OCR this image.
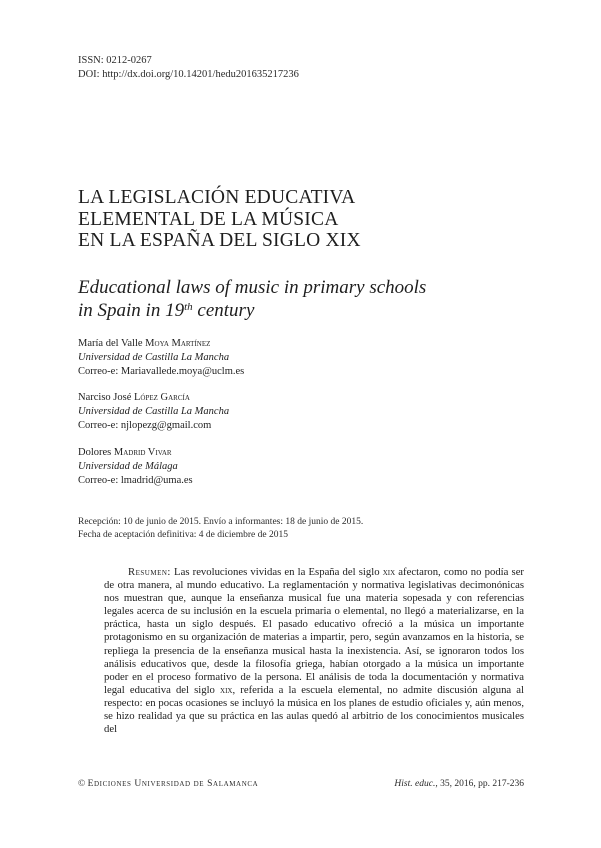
ISSN: 0212-0267
DOI: http://dx.doi.org/10.14201/hedu201635217236
LA LEGISLACIÓN EDUCATIVA
ELEMENTAL DE LA MÚSICA
EN LA ESPAÑA DEL SIGLO XIX
Educational laws of music in primary schools
in Spain in 19th century
María del Valle Moya Martínez
Universidad de Castilla La Mancha
Correo-e: Mariavallede.moya@uclm.es
Narciso José López García
Universidad de Castilla La Mancha
Correo-e: njlopezg@gmail.com
Dolores Madrid Vivar
Universidad de Málaga
Correo-e: lmadrid@uma.es
Recepción: 10 de junio de 2015. Envío a informantes: 18 de junio de 2015.
Fecha de aceptación definitiva: 4 de diciembre de 2015
Resumen: Las revoluciones vividas en la España del siglo xix afectaron, como no podía ser de otra manera, al mundo educativo. La reglamentación y normativa legislativas decimonónicas nos muestran que, aunque la enseñanza musical fue una materia sopesada y con referencias legales acerca de su inclusión en la escuela primaria o elemental, no llegó a materializarse, en la práctica, hasta un siglo después. El pasado educativo ofreció a la música un importante protagonismo en su organización de materias a impartir, pero, según avanzamos en la historia, se repliega la presencia de la enseñanza musical hasta la inexistencia. Así, se ignoraron todos los análisis educativos que, desde la filosofía griega, habían otorgado a la música un importante poder en el proceso formativo de la persona. El análisis de toda la documentación y normativa legal educativa del siglo xix, referida a la escuela elemental, no admite discusión alguna al respecto: en pocas ocasiones se incluyó la música en los planes de estudio oficiales y, aún menos, se hizo realidad ya que su práctica en las aulas quedó al arbitrio de los conocimientos musicales del
© Ediciones Universidad de Salamanca	Hist. educ., 35, 2016, pp. 217-236
